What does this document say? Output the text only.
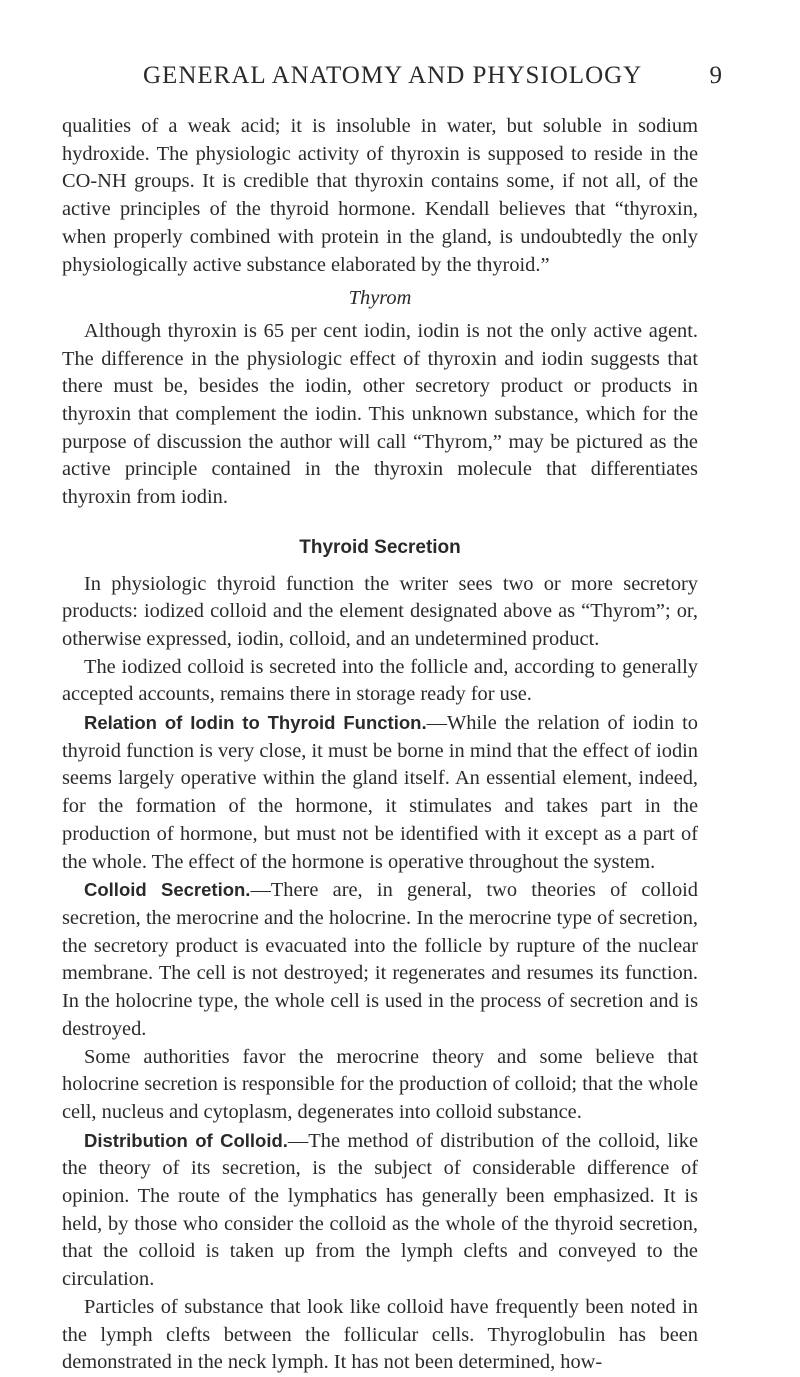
GENERAL ANATOMY AND PHYSIOLOGY	9

qualities of a weak acid; it is insoluble in water, but soluble in sodium hydroxide. The physiologic activity of thyroxin is supposed to reside in the CO-NH groups. It is credible that thyroxin contains some, if not all, of the active principles of the thyroid hormone. Kendall believes that “thyroxin, when properly combined with protein in the gland, is undoubtedly the only physiologically active substance elaborated by the thyroid.”

Thyrom

Although thyroxin is 65 per cent iodin, iodin is not the only active agent. The difference in the physiologic effect of thyroxin and iodin suggests that there must be, besides the iodin, other secretory product or products in thyroxin that complement the iodin. This unknown substance, which for the purpose of discussion the author will call “Thyrom,” may be pictured as the active principle contained in the thyroxin molecule that differentiates thyroxin from iodin.

Thyroid Secretion

In physiologic thyroid function the writer sees two or more secretory products: iodized colloid and the element designated above as “Thyrom”; or, otherwise expressed, iodin, colloid, and an undetermined product.

The iodized colloid is secreted into the follicle and, according to generally accepted accounts, remains there in storage ready for use.

Relation of Iodin to Thyroid Function.—While the relation of iodin to thyroid function is very close, it must be borne in mind that the effect of iodin seems largely operative within the gland itself. An essential element, indeed, for the formation of the hormone, it stimulates and takes part in the production of hormone, but must not be identified with it except as a part of the whole. The effect of the hormone is operative throughout the system.

Colloid Secretion.—There are, in general, two theories of colloid secretion, the merocrine and the holocrine. In the merocrine type of secretion, the secretory product is evacuated into the follicle by rupture of the nuclear membrane. The cell is not destroyed; it regenerates and resumes its function. In the holocrine type, the whole cell is used in the process of secretion and is destroyed.

Some authorities favor the merocrine theory and some believe that holocrine secretion is responsible for the production of colloid; that the whole cell, nucleus and cytoplasm, degenerates into colloid substance.

Distribution of Colloid.—The method of distribution of the colloid, like the theory of its secretion, is the subject of considerable difference of opinion. The route of the lymphatics has generally been emphasized. It is held, by those who consider the colloid as the whole of the thyroid secretion, that the colloid is taken up from the lymph clefts and conveyed to the circulation.

Particles of substance that look like colloid have frequently been noted in the lymph clefts between the follicular cells. Thyroglobulin has been demonstrated in the neck lymph. It has not been determined, how-
